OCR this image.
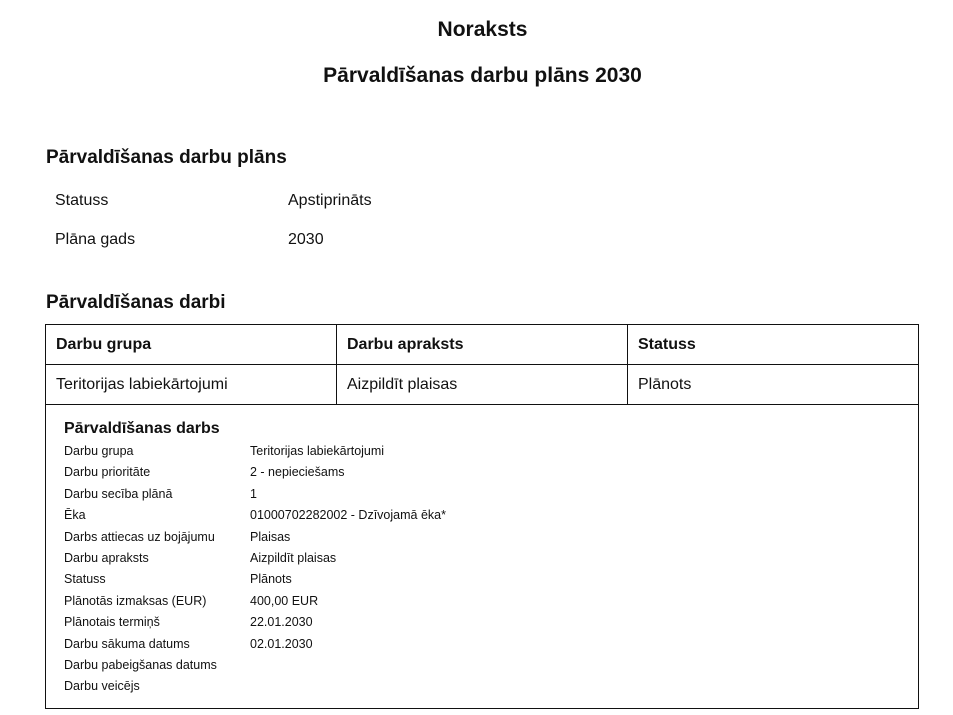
Noraksts
Pārvaldīšanas darbu plāns 2030
Pārvaldīšanas darbu plāns
Statuss	Apstiprināts
Plāna gads	2030
Pārvaldīšanas darbi
Darbu grupa	Darbu apraksts	Statuss
Teritorijas labiekārtojumi	Aizpildīt plaisas	Plānots
Pārvaldīšanas darbs
Darbu grupa	Teritorijas labiekārtojumi
Darbu prioritāte	2 - nepieciešams
Darbu secība plānā	1
Ēka	01000702282002 - Dzīvojamā ēka*
Darbs attiecas uz bojājumu	Plaisas
Darbu apraksts	Aizpildīt plaisas
Statuss	Plānots
Plānotās izmaksas (EUR)	400,00 EUR
Plānotais termiņš	22.01.2030
Darbu sākuma datums	02.01.2030
Darbu pabeigšanas datums
Darbu veicējs
